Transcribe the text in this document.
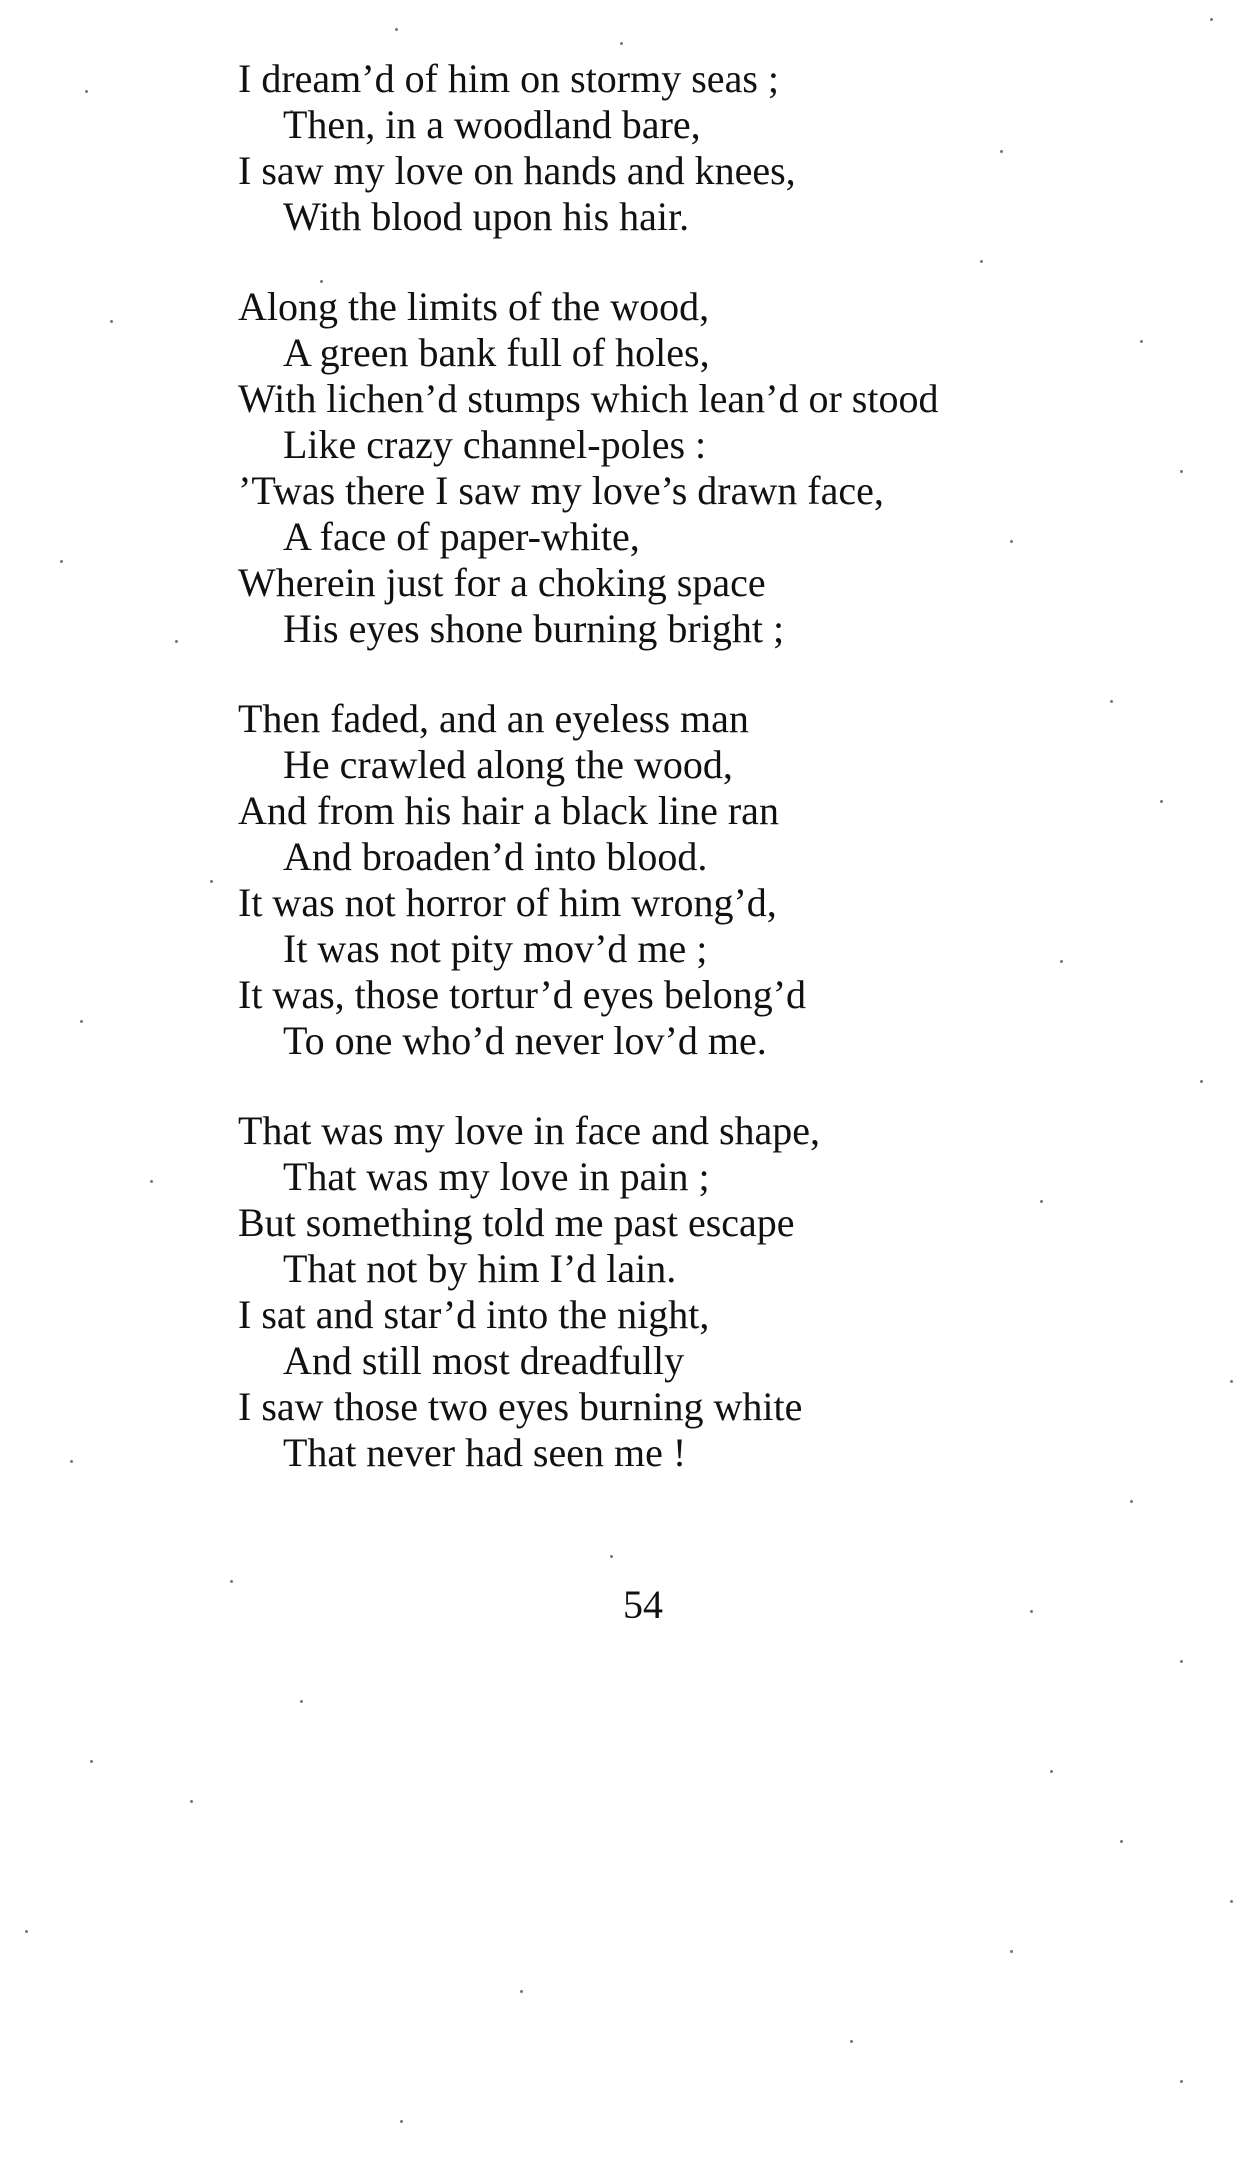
I dream’d of him on stormy seas ;
Then, in a woodland bare,
I saw my love on hands and knees,
With blood upon his hair.
Along the limits of the wood,
A green bank full of holes,
With lichen’d stumps which lean’d or stood
Like crazy channel-poles :
’Twas there I saw my love’s drawn face,
A face of paper-white,
Wherein just for a choking space
His eyes shone burning bright ;
Then faded, and an eyeless man
He crawled along the wood,
And from his hair a black line ran
And broaden’d into blood.
It was not horror of him wrong’d,
It was not pity mov’d me ;
It was, those tortur’d eyes belong’d
To one who’d never lov’d me.
That was my love in face and shape,
That was my love in pain ;
But something told me past escape
That not by him I’d lain.
I sat and star’d into the night,
And still most dreadfully
I saw those two eyes burning white
That never had seen me !
54
